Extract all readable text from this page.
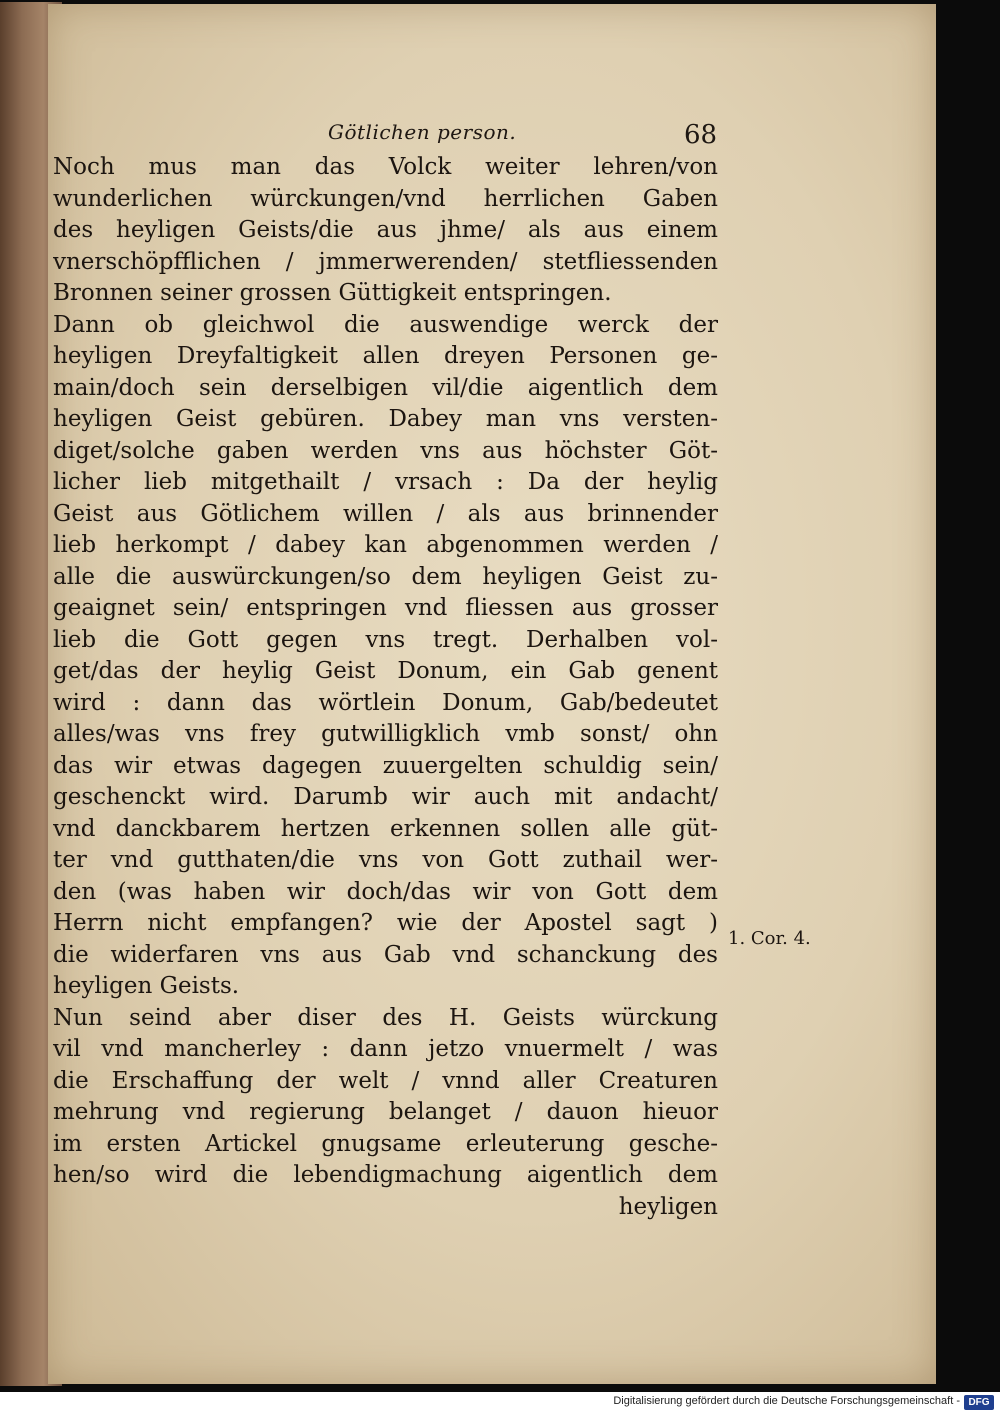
Götlichen person.	68
Noch mus man das Volck weiter lehren/von
wunderlichen würckungen/vnd herrlichen Gaben
des heyligen Geists/die aus jhme/ als aus einem
vnerschöpfflichen / jmmerwerenden/ stetfliessenden
Bronnen seiner grossen Güttigkeit entspringen.
Dann ob gleichwol die auswendige werck der
heyligen Dreyfaltigkeit allen dreyen Personen ge-
main/doch sein derselbigen vil/die aigentlich dem
heyligen Geist gebüren. Dabey man vns versten-
diget/solche gaben werden vns aus höchster Göt-
licher lieb mitgethailt / vrsach : Da der heylig
Geist aus Götlichem willen / als aus brinnender
lieb herkompt / dabey kan abgenommen werden /
alle die auswürckungen/so dem heyligen Geist zu-
geaignet sein/ entspringen vnd fliessen aus grosser
lieb die Gott gegen vns tregt. Derhalben vol-
get/das der heylig Geist Donum, ein Gab genent
wird : dann das wörtlein Donum, Gab/bedeutet
alles/was vns frey gutwilligklich vmb sonst/ ohn
das wir etwas dagegen zuuergelten schuldig sein/
geschenckt wird. Darumb wir auch mit andacht/
vnd danckbarem hertzen erkennen sollen alle güt-
ter vnd gutthaten/die vns von Gott zuthail wer-
den (was haben wir doch/das wir von Gott dem
Herrn nicht empfangen? wie der Apostel sagt )
die widerfaren vns aus Gab vnd schanckung des
heyligen Geists.
Nun seind aber diser des H. Geists würckung
vil vnd mancherley : dann jetzo vnuermelt / was
die Erschaffung der welt / vnnd aller Creaturen
mehrung vnd regierung belanget / dauon hieuor
im ersten Artickel gnugsame erleuterung gesche-
hen/so wird die lebendigmachung aigentlich dem
heyligen
1. Cor. 4.
Digitalisierung gefördert durch die Deutsche Forschungsgemeinschaft - DFG
